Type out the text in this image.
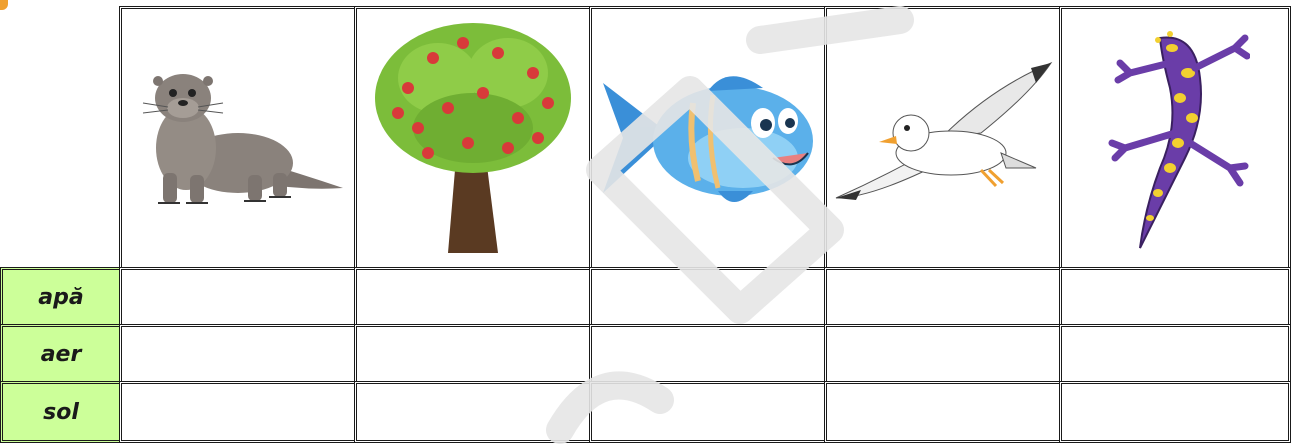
apă
aer
sol
